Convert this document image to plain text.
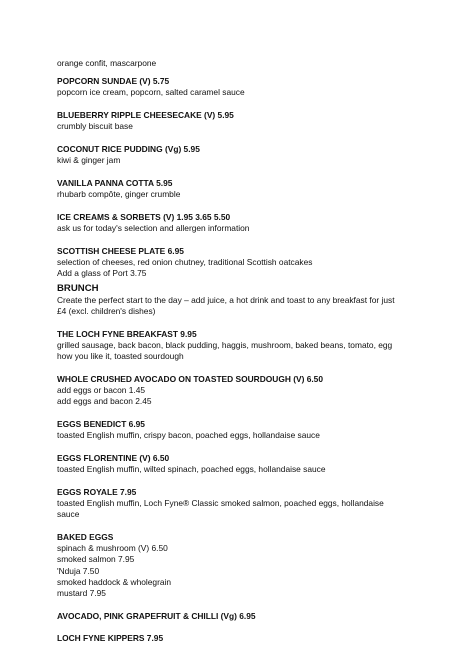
orange confit, mascarpone
POPCORN SUNDAE (V) 5.75
popcorn ice cream, popcorn, salted caramel sauce
BLUEBERRY RIPPLE CHEESECAKE (V) 5.95
crumbly biscuit base
COCONUT RICE PUDDING (Vg) 5.95
kiwi & ginger jam
VANILLA PANNA COTTA 5.95
rhubarb compôte, ginger crumble
ICE CREAMS & SORBETS (V) 1.95 3.65 5.50
ask us for today's selection and allergen information
SCOTTISH CHEESE PLATE 6.95
selection of cheeses, red onion chutney, traditional Scottish oatcakes
Add a glass of Port 3.75
BRUNCH
Create the perfect start to the day – add juice, a hot drink and toast to any breakfast for just
£4 (excl. children's dishes)
THE LOCH FYNE BREAKFAST 9.95
grilled sausage, back bacon, black pudding, haggis, mushroom, baked beans, tomato, egg
how you like it, toasted sourdough
WHOLE CRUSHED AVOCADO ON TOASTED SOURDOUGH (V) 6.50
add eggs or bacon 1.45
add eggs and bacon 2.45
EGGS BENEDICT 6.95
toasted English muffin, crispy bacon, poached eggs, hollandaise sauce
EGGS FLORENTINE (V) 6.50
toasted English muffin, wilted spinach, poached eggs, hollandaise sauce
EGGS ROYALE 7.95
toasted English muffin, Loch Fyne® Classic smoked salmon, poached eggs, hollandaise
sauce
BAKED EGGS
spinach & mushroom (V) 6.50
smoked salmon 7.95
'Nduja 7.50
smoked haddock & wholegrain
mustard 7.95
AVOCADO, PINK GRAPEFRUIT & CHILLI (Vg) 6.95
LOCH FYNE KIPPERS 7.95
